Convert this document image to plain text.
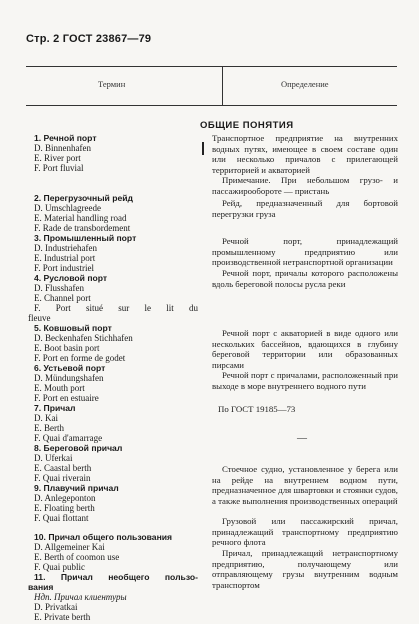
Стр. 2 ГОСТ 23867—79
Термин	Определение
ОБЩИЕ ПОНЯТИЯ
1. Речной порт
D. Binnenhafen
E. River port
F. Port fluvial
2. Перегрузочный рейд
D. Umschlagreede
E. Material handling road
F. Rade de transbordement
3. Промышленный порт
D. Industriehafen
E. Industrial port
F. Port industriel
4. Русловой порт
D. Flusshafen
E. Channel port
F. Port situé sur le lit du
fleuve
5. Ковшовый порт
D. Beckenhafen Stichhafen
E. Boot basin port
F. Port en forme de godet
6. Устьевой порт
D. Mündungshafen
E. Mouth port
F. Port en estuaire
7. Причал
D. Kai
E. Berth
F. Quai d'amarrage
8. Береговой причал
D. Uferkai
E. Caastal berth
F. Quai riverain
9. Плавучий причал
D. Anlegeponton
E. Floating berth
F. Quai flottant
10. Причал общего пользования
D. Allgemeiner Kai
E. Berth of coomon use
F. Quai public
11. Причал необщего пользо-
вания
Ндп. Причал клиентуры
D. Privatkai
E. Private berth
Транспортное предприятие на внутренних водных путях, имеющее в своем составе один или несколько причалов с прилегающей территорией и акваторией
Примечание. При небольшом грузо- и пассажирообороте — пристань
Рейд, предназначенный для бортовой перегрузки груза
Речной порт, принадлежащий промышленному предприятию или производственной нетранспортной организации
Речной порт, причалы которого расположены вдоль береговой полосы русла реки
Речной порт с акваторией в виде одного или нескольких бассейнов, вдающихся в глубину береговой территории или образованных пирсами
Речной порт с причалами, расположенный при выходе в море внутреннего водного пути
По ГОСТ 19185—73
—
Стоечное судно, установленное у берега или на рейде на внутреннем водном пути, предназначенное для швартовки и стоянки судов, а также выполнения производственных операций
Грузовой или пассажирский причал, принадлежащий транспортному предприятию речного флота
Причал, принадлежащий нетранспортному предприятию, получающему или отправляющему грузы внутренним водным транспортом
